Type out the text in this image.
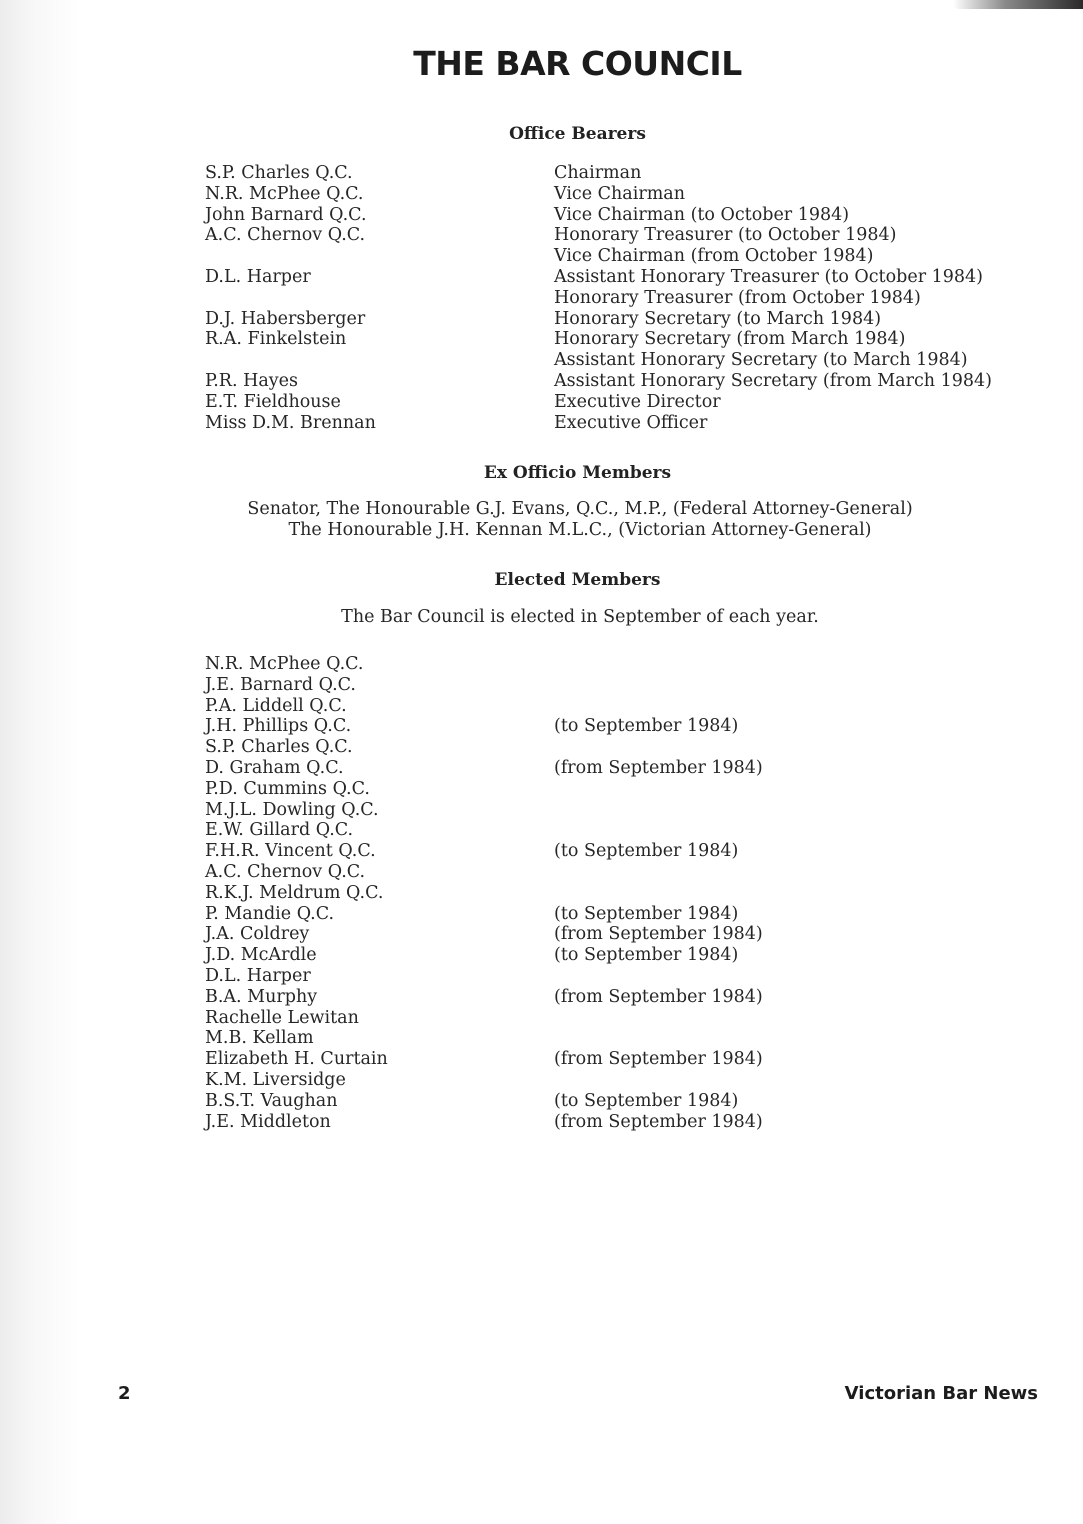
THE BAR COUNCIL
Office Bearers
S.P. Charles Q.C.
N.R. McPhee Q.C.
John Barnard Q.C.
A.C. Chernov Q.C.
D.L. Harper
D.J. Habersberger
R.A. Finkelstein
P.R. Hayes
E.T. Fieldhouse
Miss D.M. Brennan
Chairman
Vice Chairman
Vice Chairman (to October 1984)
Honorary Treasurer (to October 1984)
Vice Chairman (from October 1984)
Assistant Honorary Treasurer (to October 1984)
Honorary Treasurer (from October 1984)
Honorary Secretary (to March 1984)
Honorary Secretary (from March 1984)
Assistant Honorary Secretary (to March 1984)
Assistant Honorary Secretary (from March 1984)
Executive Director
Executive Officer
Ex Officio Members
Senator, The Honourable G.J. Evans, Q.C., M.P., (Federal Attorney-General)
The Honourable J.H. Kennan M.L.C., (Victorian Attorney-General)
Elected Members
The Bar Council is elected in September of each year.
N.R. McPhee Q.C.
J.E. Barnard Q.C.
P.A. Liddell Q.C.
J.H. Phillips Q.C.
S.P. Charles Q.C.
D. Graham Q.C.
P.D. Cummins Q.C.
M.J.L. Dowling Q.C.
E.W. Gillard Q.C.
F.H.R. Vincent Q.C.
A.C. Chernov Q.C.
R.K.J. Meldrum Q.C.
P. Mandie Q.C.
J.A. Coldrey
J.D. McArdle
D.L. Harper
B.A. Murphy
Rachelle Lewitan
M.B. Kellam
Elizabeth H. Curtain
K.M. Liversidge
B.S.T. Vaughan
J.E. Middleton
(to September 1984)
(from September 1984)
(to September 1984)
(to September 1984)
(from September 1984)
(to September 1984)
(from September 1984)
(from September 1984)
(to September 1984)
(from September 1984)
2	Victorian Bar News
